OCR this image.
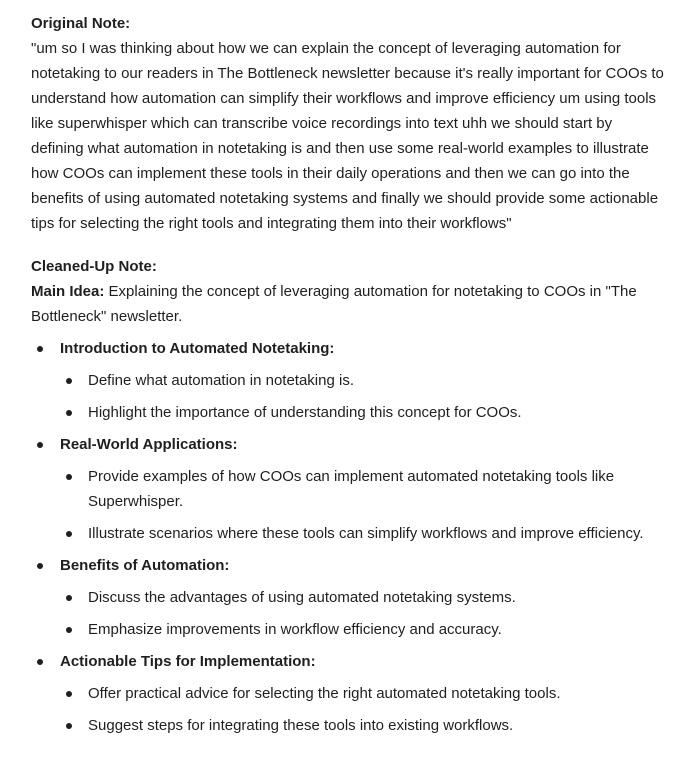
Original Note:

"um so I was thinking about how we can explain the concept of leveraging automation for notetaking to our readers in The Bottleneck newsletter because it's really important for COOs to understand how automation can simplify their workflows and improve efficiency um using tools like superwhisper which can transcribe voice recordings into text uhh we should start by defining what automation in notetaking is and then use some real-world examples to illustrate how COOs can implement these tools in their daily operations and then we can go into the benefits of using automated notetaking systems and finally we should provide some actionable tips for selecting the right tools and integrating them into their workflows"

Cleaned-Up Note:

Main Idea: Explaining the concept of leveraging automation for notetaking to COOs in "The Bottleneck" newsletter.

Introduction to Automated Notetaking:
Define what automation in notetaking is.
Highlight the importance of understanding this concept for COOs.
Real-World Applications:
Provide examples of how COOs can implement automated notetaking tools like Superwhisper.
Illustrate scenarios where these tools can simplify workflows and improve efficiency.
Benefits of Automation:
Discuss the advantages of using automated notetaking systems.
Emphasize improvements in workflow efficiency and accuracy.
Actionable Tips for Implementation:
Offer practical advice for selecting the right automated notetaking tools.
Suggest steps for integrating these tools into existing workflows.
